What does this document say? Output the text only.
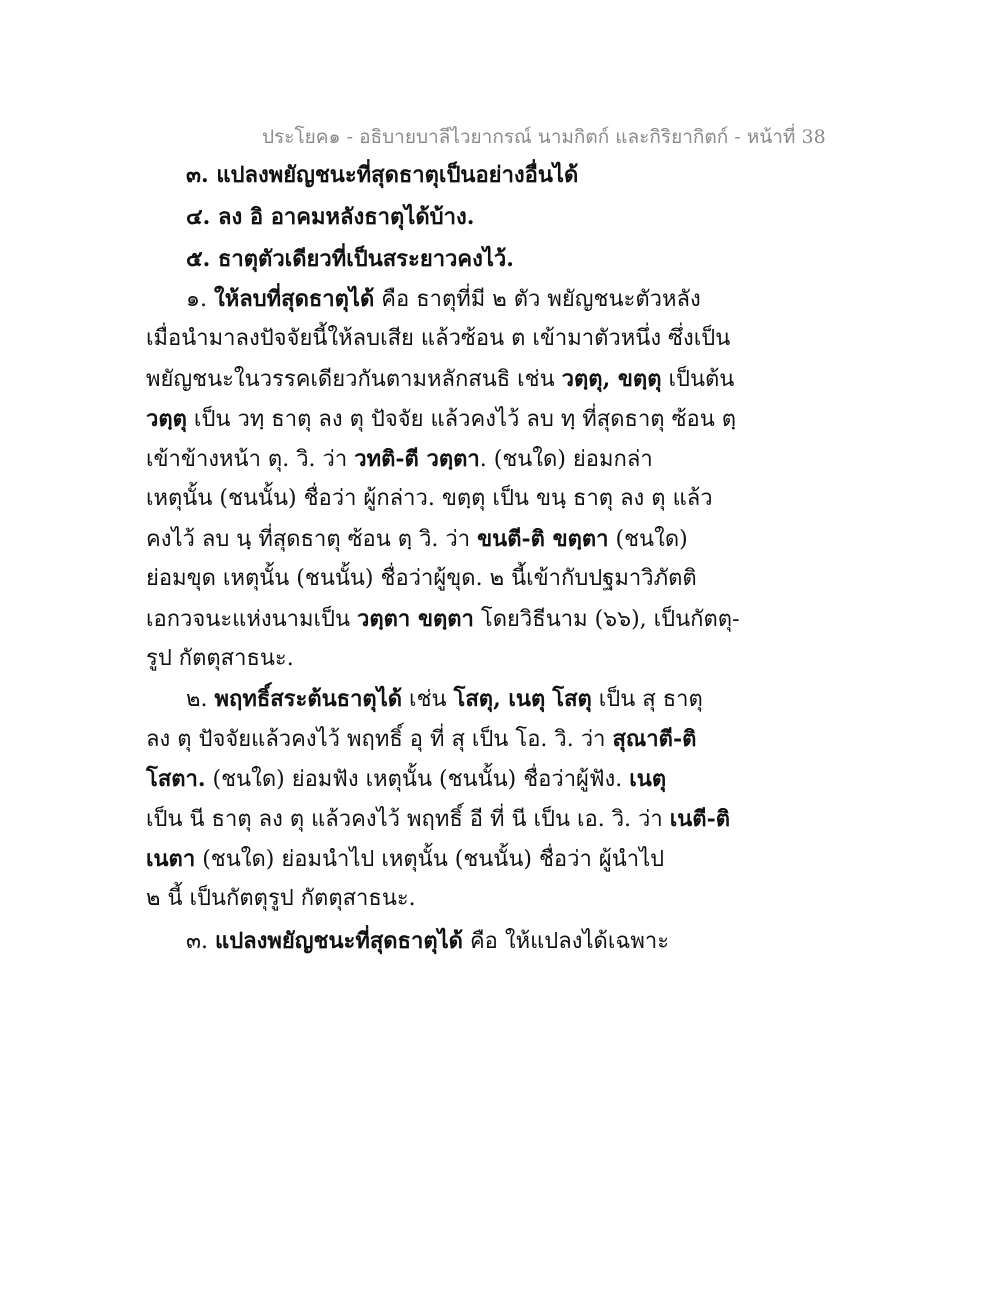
ประโยค๑ - อธิบายบาลีไวยากรณ์ นามกิตก์ และกิริยากิตก์ - หน้าที่ 38
๓. แปลงพยัญชนะที่สุดธาตุเป็นอย่างอื่นได้
๔. ลง อิ อาคมหลังธาตุได้บ้าง.
๕. ธาตุตัวเดียวที่เป็นสระยาวคงไว้.
๑. ให้ลบที่สุดธาตุได้ คือ ธาตุที่มี ๒ ตัว พยัญชนะตัวหลัง
เมื่อนำมาลงปัจจัยนี้ให้ลบเสีย แล้วซ้อน ต เข้ามาตัวหนึ่ง ซึ่งเป็น
พยัญชนะในวรรคเดียวกันตามหลักสนธิ เช่น วตฺตุ, ขตฺตุ เป็นต้น
วตฺตุ เป็น วทฺ ธาตุ ลง ตุ ปัจจัย แล้วคงไว้ ลบ ทฺ ที่สุดธาตุ ซ้อน ตฺ
เข้าข้างหน้า ตุ. วิ. ว่า วทติ-ตี วตฺตา. (ชนใด) ย่อมกล่า
เหตุนั้น (ชนนั้น) ชื่อว่า ผู้กล่าว. ขตฺตุ เป็น ขนฺ ธาตุ ลง ตุ แล้ว
คงไว้ ลบ นฺ ที่สุดธาตุ ซ้อน ตฺ วิ. ว่า ขนตี-ติ ขตฺตา (ชนใด)
ย่อมขุด เหตุนั้น (ชนนั้น) ชื่อว่าผู้ขุด. ๒ นี้เข้ากับปฐมาวิภัตติ
เอกวจนะแห่งนามเป็น วตฺตา ขตฺตา โดยวิธีนาม (๖๖), เป็นกัตตุ-
รูป กัตตุสาธนะ.
๒. พฤทธิ์สระต้นธาตุได้ เช่น โสตุ, เนตุ โสตุ เป็น สุ ธาตุ
ลง ตุ ปัจจัยแล้วคงไว้ พฤทธิ์ อุ ที่ สุ เป็น โอ. วิ. ว่า สุณาตี-ติ
โสตา. (ชนใด) ย่อมฟัง เหตุนั้น (ชนนั้น) ชื่อว่าผู้ฟัง. เนตุ
เป็น นี ธาตุ ลง ตุ แล้วคงไว้ พฤทธิ์ อี ที่ นี เป็น เอ. วิ. ว่า เนตี-ติ
เนตา (ชนใด) ย่อมนำไป เหตุนั้น (ชนนั้น) ชื่อว่า ผู้นำไป
๒ นี้ เป็นกัตตุรูป กัตตุสาธนะ.
๓. แปลงพยัญชนะที่สุดธาตุได้ คือ ให้แปลงได้เฉพาะ
